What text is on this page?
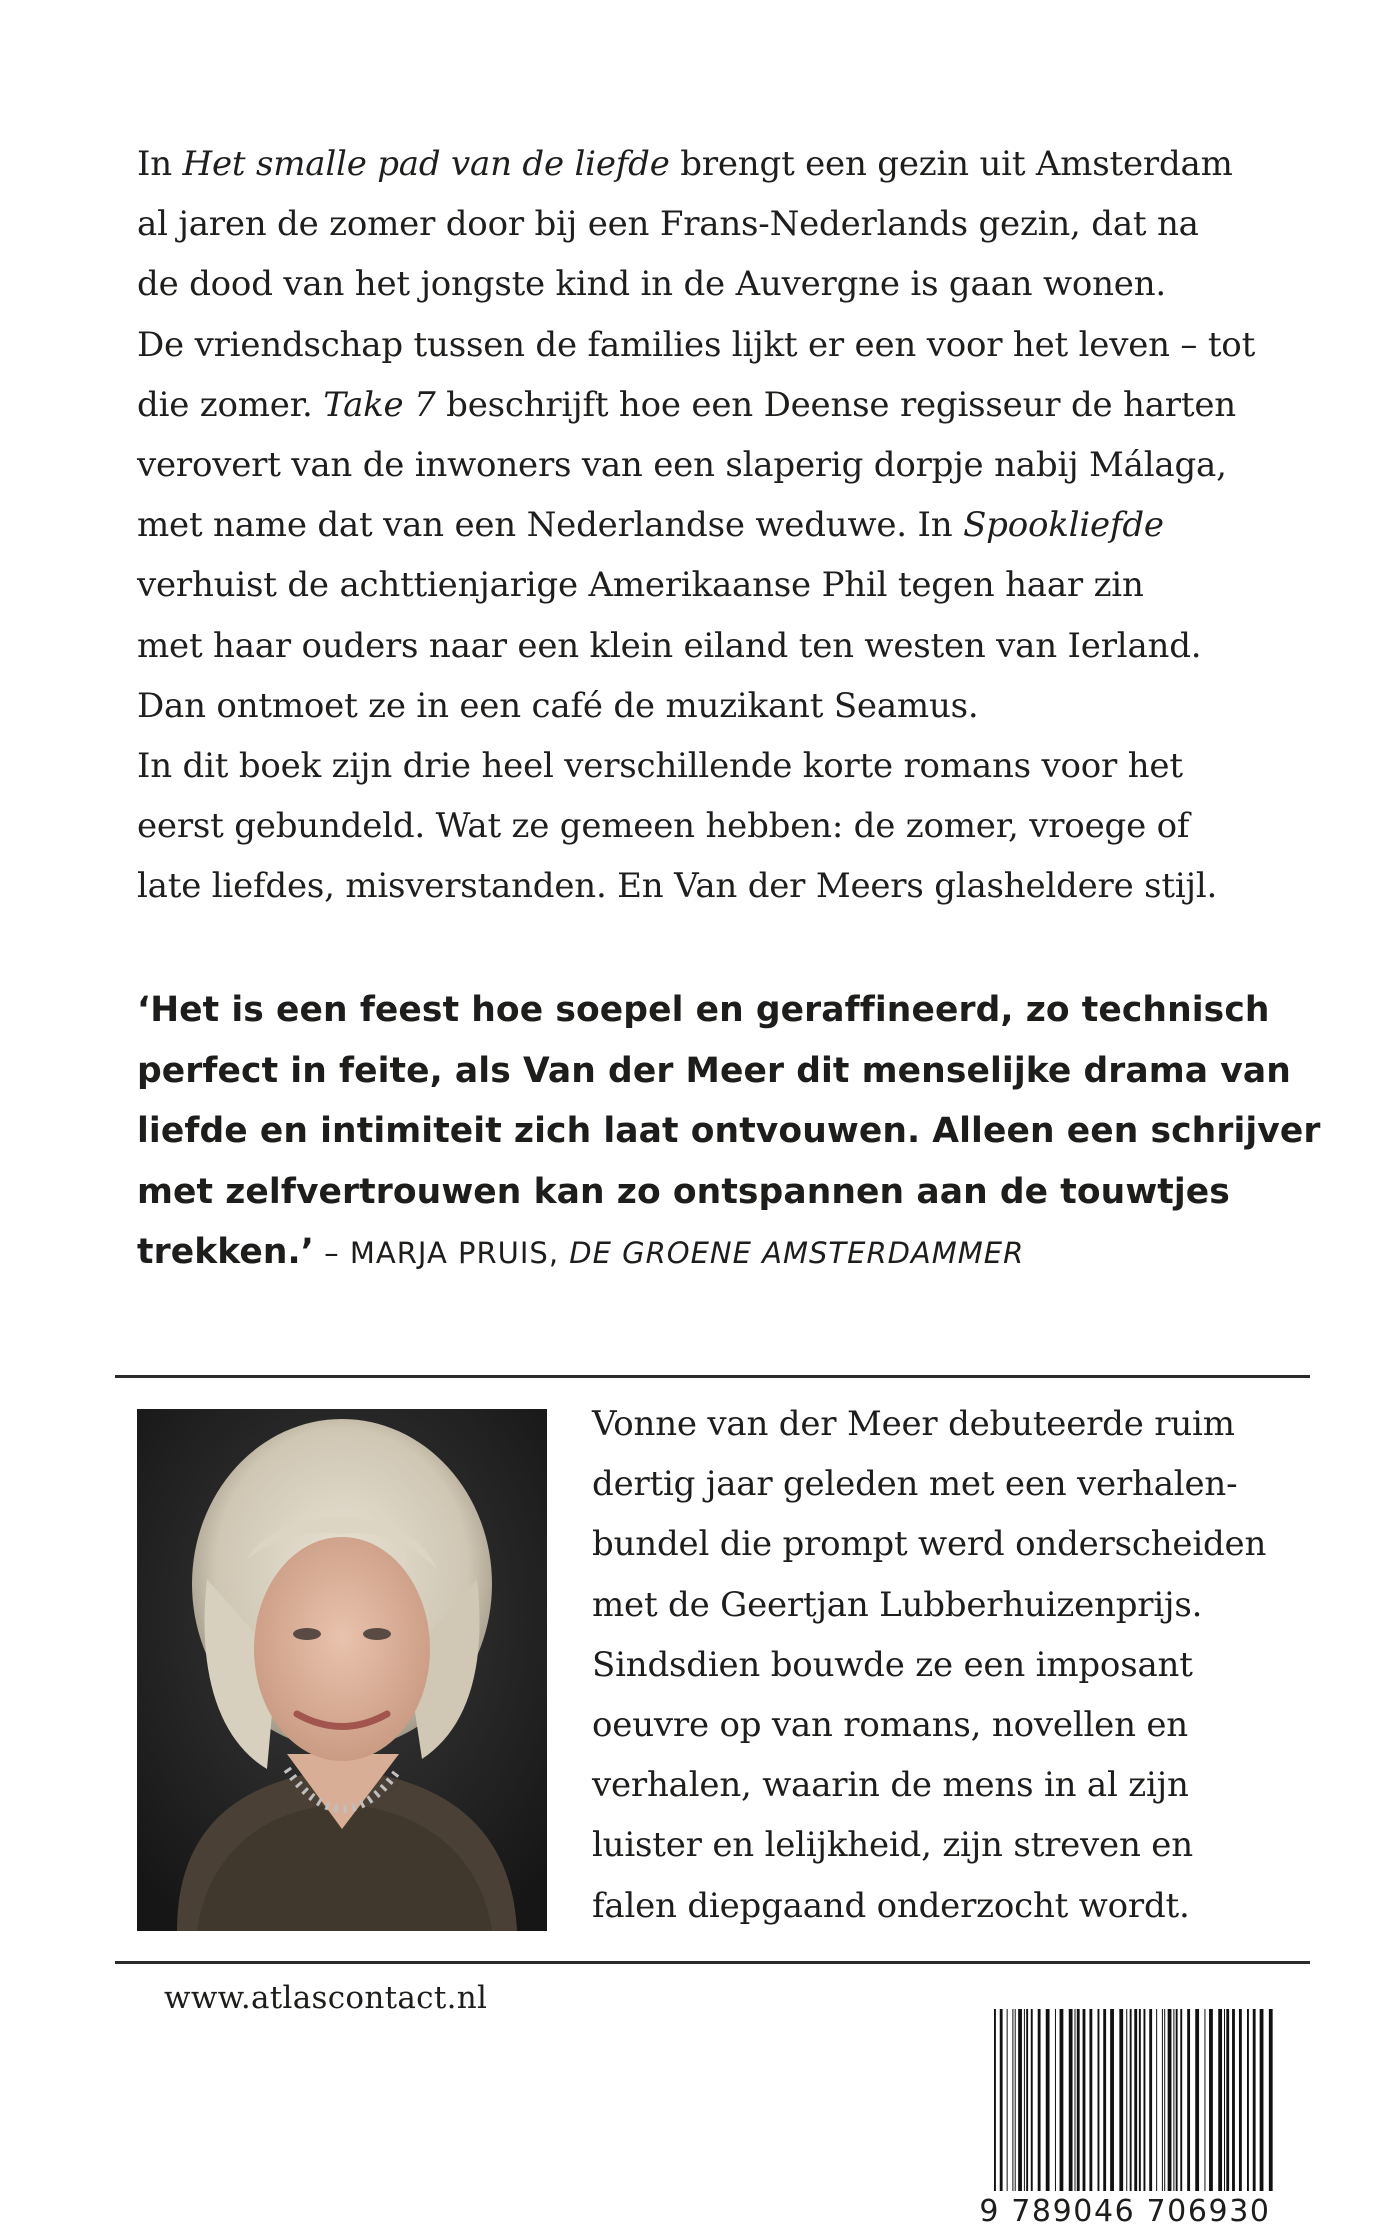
In Het smalle pad van de liefde brengt een gezin uit Amsterdam
al jaren de zomer door bij een Frans-Nederlands gezin, dat na
de dood van het jongste kind in de Auvergne is gaan wonen.
De vriendschap tussen de families lijkt er een voor het leven – tot
die zomer. Take 7 beschrijft hoe een Deense regisseur de harten
verovert van de inwoners van een slaperig dorpje nabij Málaga,
met name dat van een Nederlandse weduwe. In Spookliefde
verhuist de achttienjarige Amerikaanse Phil tegen haar zin
met haar ouders naar een klein eiland ten westen van Ierland.
Dan ontmoet ze in een café de muzikant Seamus.
In dit boek zijn drie heel verschillende korte romans voor het
eerst gebundeld. Wat ze gemeen hebben: de zomer, vroege of
late liefdes, misverstanden. En Van der Meers glasheldere stijl.
‘Het is een feest hoe soepel en geraffineerd, zo technisch
perfect in feite, als Van der Meer dit menselijke drama van
liefde en intimiteit zich laat ontvouwen. Alleen een schrijver
met zelfvertrouwen kan zo ontspannen aan de touwtjes
trekken.’ – MARJA PRUIS, DE GROENE AMSTERDAMMER
Vonne van der Meer debuteerde ruim
dertig jaar geleden met een verhalen-
bundel die prompt werd onderscheiden
met de Geertjan Lubberhuizenprijs.
Sindsdien bouwde ze een imposant
oeuvre op van romans, novellen en
verhalen, waarin de mens in al zijn
luister en lelijkheid, zijn streven en
falen diepgaand onderzocht wordt.
www.atlascontact.nl
9 789046 706930
